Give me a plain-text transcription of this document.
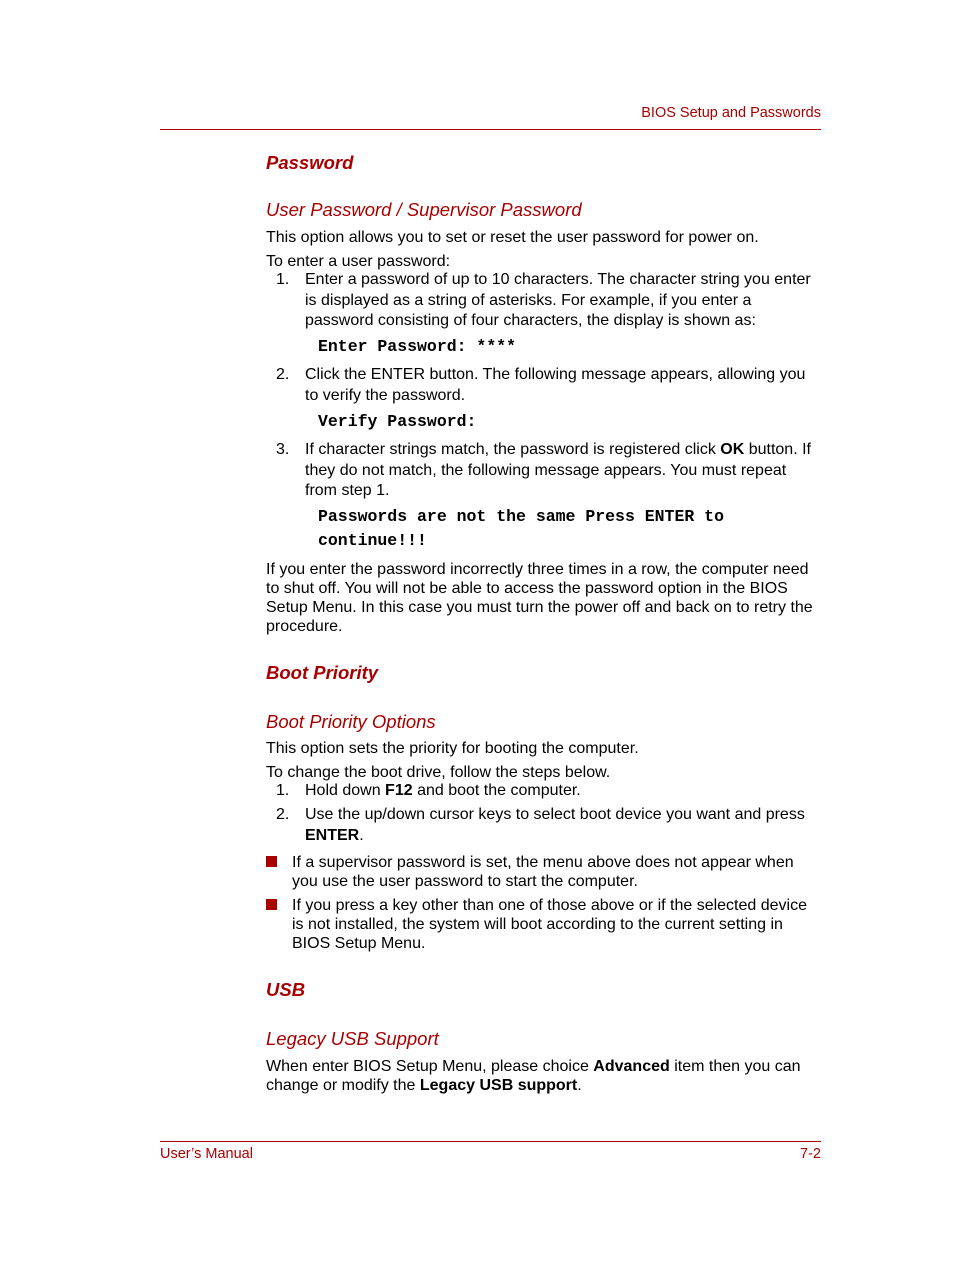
BIOS Setup and Passwords
Password
User Password / Supervisor Password
This option allows you to set or reset the user password for power on.
To enter a user password:
1. Enter a password of up to 10 characters. The character string you enter is displayed as a string of asterisks. For example, if you enter a password consisting of four characters, the display is shown as:
Enter Password: ****
2. Click the ENTER button. The following message appears, allowing you to verify the password.
Verify Password:
3. If character strings match, the password is registered click OK button. If they do not match, the following message appears. You must repeat from step 1.
Passwords are not the same Press ENTER to
continue!!!
If you enter the password incorrectly three times in a row, the computer need to shut off. You will not be able to access the password option in the BIOS Setup Menu. In this case you must turn the power off and back on to retry the procedure.
Boot Priority
Boot Priority Options
This option sets the priority for booting the computer.
To change the boot drive, follow the steps below.
1. Hold down F12 and boot the computer.
2. Use the up/down cursor keys to select boot device you want and press ENTER.
If a supervisor password is set, the menu above does not appear when you use the user password to start the computer.
If you press a key other than one of those above or if the selected device is not installed, the system will boot according to the current setting in BIOS Setup Menu.
USB
Legacy USB Support
When enter BIOS Setup Menu, please choice Advanced item then you can change or modify the Legacy USB support.
User’s Manual	7-2
